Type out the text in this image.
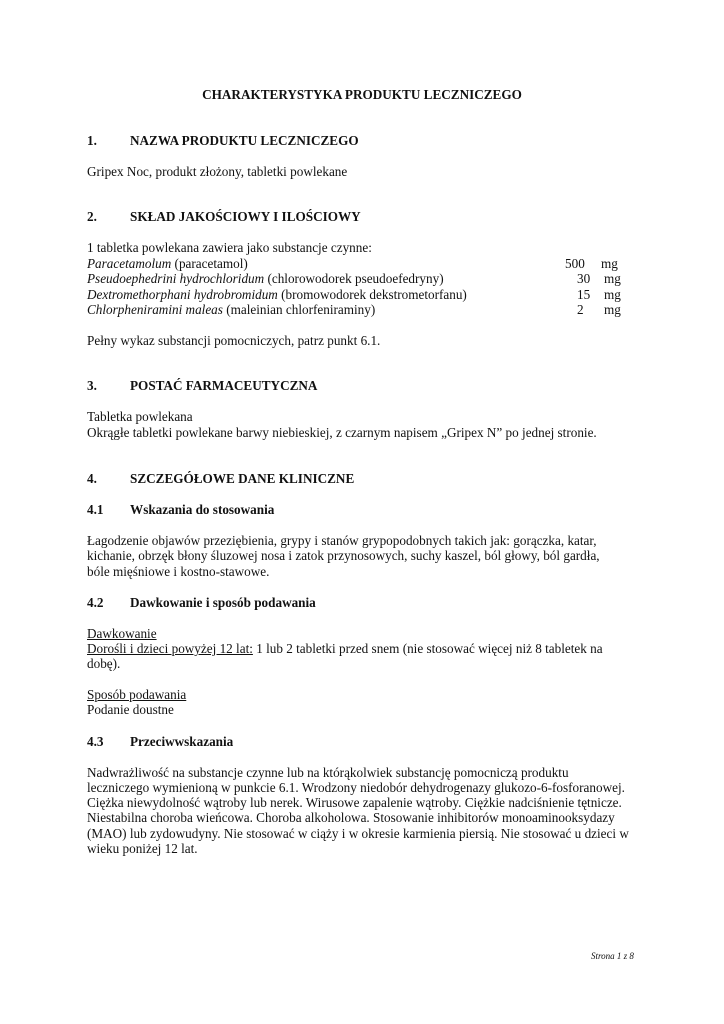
CHARAKTERYSTYKA PRODUKTU LECZNICZEGO
1.	NAZWA PRODUKTU LECZNICZEGO
Gripex Noc, produkt złożony, tabletki powlekane
2.	SKŁAD JAKOŚCIOWY I ILOŚCIOWY
1 tabletka powlekana zawiera jako substancje czynne:
Paracetamolum (paracetamol)	500 mg
Pseudoephedrini hydrochloridum (chlorowodorek pseudoefedryny)	30 mg
Dextromethorphani hydrobromidum (bromowodorek dekstrometorfanu)	15 mg
Chlorpheniramini maleas (maleinian chlorfeniraminy)	2 mg
Pełny wykaz substancji pomocniczych, patrz punkt 6.1.
3.	POSTAĆ FARMACEUTYCZNA
Tabletka powlekana
Okrągłe tabletki powlekane barwy niebieskiej, z czarnym napisem „Gripex N” po jednej stronie.
4.	SZCZEGÓŁOWE DANE KLINICZNE
4.1 Wskazania do stosowania
Łagodzenie objawów przeziębienia, grypy i stanów grypopodobnych takich jak: gorączka, katar,
kichanie, obrzęk błony śluzowej nosa i zatok przynosowych, suchy kaszel, ból głowy, ból gardła,
bóle mięśniowe i kostno-stawowe.
4.2 Dawkowanie i sposób podawania
Dawkowanie
Dorośli i dzieci powyżej 12 lat: 1 lub 2 tabletki przed snem (nie stosować więcej niż 8 tabletek na
dobę).
Sposób podawania
Podanie doustne
4.3 Przeciwwskazania
Nadwrażliwość na substancje czynne lub na którąkolwiek substancję pomocniczą produktu
leczniczego wymienioną w punkcie 6.1. Wrodzony niedobór dehydrogenazy glukozo-6-fosforanowej.
Ciężka niewydolność wątroby lub nerek. Wirusowe zapalenie wątroby. Ciężkie nadciśnienie tętnicze.
Niestabilna choroba wieńcowa. Choroba alkoholowa. Stosowanie inhibitorów monoaminooksydazy
(MAO) lub zydowudyny. Nie stosować w ciąży i w okresie karmienia piersią. Nie stosować u dzieci w
wieku poniżej 12 lat.
Strona 1 z 8
